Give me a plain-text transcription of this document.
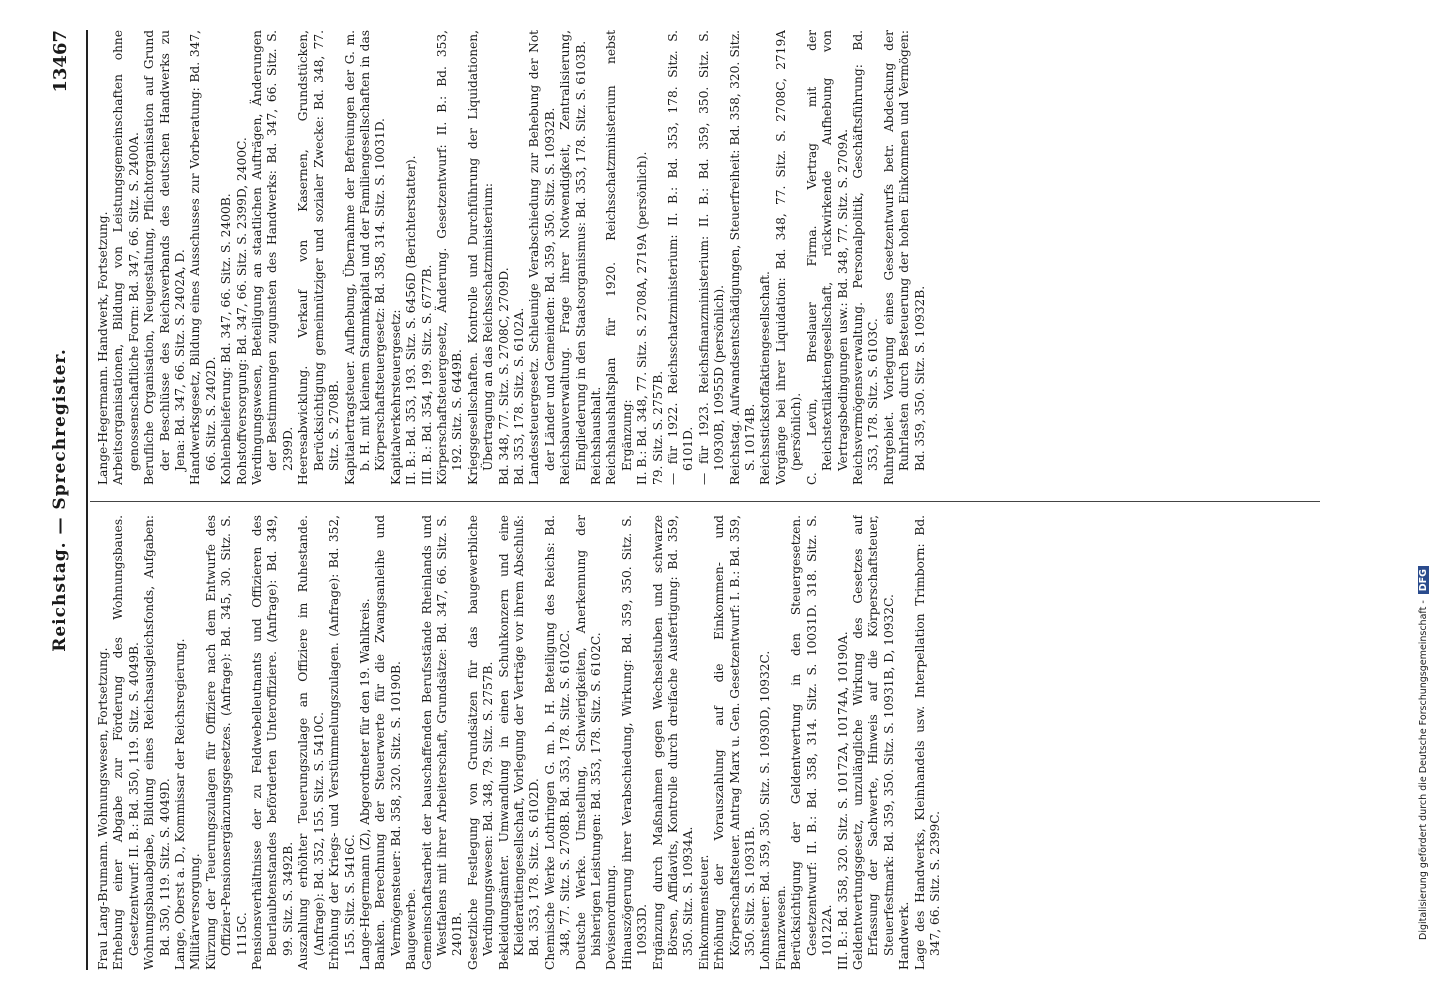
Reichstag. — Sprechregister.
13467

Frau Lang-Brumann. Wohnungswesen, Fortsetzung. Erhebung einer Abgabe zur Förderung des Wohnungsbaues. Gesetzentwurf: II. B.: Bd. 350, 119. Sitz. S. 4049B. Wohnungsbauabgabe, Bildung eines Reichsausgleichsfonds, Aufgaben: Bd. 350, 119. Sitz. S. 4049D. Lange, Oberst a. D., Kommissar der Reichsregierung. Militärversorgung. Kürzung der Teuerungszulagen für Offiziere nach dem Entwurfe des Offizier-Pensionsergänzungsgesetzes. (Anfrage): Bd. 345, 30. Sitz. S. 1115C. Pensionsverhältnisse der zu Feldwebelleutnants und Offizieren des Beurlaubtenstandes beförderten Unteroffiziere. (Anfrage): Bd. 349, 99. Sitz. S. 3492B. Auszahlung erhöhter Teuerungszulage an Offiziere im Ruhestande. (Anfrage): Bd. 352, 155. Sitz. S. 5410C. Erhöhung der Kriegs- und Verstümmelungszulagen. (Anfrage): Bd. 352, 155. Sitz. S. 5416C. Lange-Hegermann (Z), Abgeordneter für den 19. Wahlkreis. Banken. Berechnung der Steuerwerte für die Zwangsanleihe und Vermögensteuer: Bd. 358, 320. Sitz. S. 10190B. Baugewerbe. Gemeinschaftsarbeit der bauschaffenden Berufsstände Rheinlands und Westfalens mit ihrer Arbeiterschaft, Grundsätze: Bd. 347, 66. Sitz. S. 2401B. Gesetzliche Festlegung von Grundsätzen für das baugewerbliche Verdingungswesen: Bd. 348, 79. Sitz. S. 2757B. Bekleidungsämter. Umwandlung in einen Schuhkonzern und eine Kleiderattiengesellschaft, Vorlegung der Verträge vor ihrem Abschluß: Bd. 353, 178. Sitz. S. 6102D. Chemische Werke Lothringen G. m. b. H. Beteiligung des Reichs: Bd. 348, 77. Sitz. S. 2708B. Bd. 353, 178. Sitz. S. 6102C. Deutsche Werke. Umstellung, Schwierigkeiten, Anerkennung der bisherigen Leistungen: Bd. 353, 178. Sitz. S. 6102C. Devisenordnung. Hinauszögerung ihrer Verabschiedung, Wirkung: Bd. 359, 350. Sitz. S. 10933D. Ergänzung durch Maßnahmen gegen Wechselstuben und schwarze Börsen, Affidavits, Kontrolle durch dreifache Ausfertigung: Bd. 359, 350. Sitz. S. 10934A. Einkommensteuer. Erhöhung der Vorauszahlung auf die Einkommen- und Körperschaftsteuer. Antrag Marx u. Gen. Gesetzentwurf: I. B.: Bd. 359, 350. Sitz. S. 10931B. Lohnsteuer: Bd. 359, 350. Sitz. S. 10930D, 10932C. Finanzwesen. Berücksichtigung der Geldentwertung in den Steuergesetzen. Gesetzentwurf: II. B.: Bd. 358, 314. Sitz. S. 10031D. 318. Sitz. S. 10122A. III. B.: Bd. 358, 320. Sitz. S. 10172A, 10174A, 10190A. Geldentwertungsgesetz, unzulängliche Wirkung des Gesetzes auf Erfassung der Sachwerte, Hinweis auf die Körperschaftsteuer, Steuerfestmark: Bd. 359, 350. Sitz. S. 10931B, D, 10932C. Handwerk. Lage des Handwerks, Kleinhandels usw. Interpellation Trimborn: Bd. 347, 66. Sitz. S. 2399C.

Lange-Hegermann. Handwerk, Fortsetzung. Arbeitsorganisationen, Bildung von Leistungsgemeinschaften ohne genossenschaftliche Form: Bd. 347, 66. Sitz. S. 2400A. Berufliche Organisation, Neugestaltung, Pflichtorganisation auf Grund der Beschlüsse des Reichsverbands des deutschen Handwerks zu Jena: Bd. 347, 66. Sitz. S. 2402A, D. Handwerksgesetz, Bildung eines Ausschusses zur Vorberatung: Bd. 347, 66. Sitz. S. 2402D. Kohlenbelieferung: Bd. 347, 66. Sitz. S. 2400B. Rohstoffversorgung: Bd. 347, 66. Sitz. S. 2399D, 2400C. Verdingungswesen, Beteiligung an staatlichen Aufträgen, Änderungen der Bestimmungen zugunsten des Handwerks: Bd. 347, 66. Sitz. S. 2399D. Heeresabwicklung. Verkauf von Kasernen, Grundstücken, Berücksichtigung gemeinnütziger und sozialer Zwecke: Bd. 348, 77. Sitz. S. 2708B. Kapitalertragsteuer. Aufhebung, Übernahme der Befreiungen der G. m. b. H. mit kleinem Stammkapital und der Familiengesellschaften in das Körperschaftsteuergesetz: Bd. 358, 314. Sitz. S. 10031D. Kapitalverkehrsteuergesetz: II. B.: Bd. 353, 193. Sitz. S. 6456D (Berichterstatter). III. B.: Bd. 354, 199. Sitz. S. 6777B. Körperschaftsteuergesetz, Änderung. Gesetzentwurf: II. B.: Bd. 353, 192. Sitz. S. 6449B. Kriegsgesellschaften. Kontrolle und Durchführung der Liquidationen, Übertragung an das Reichsschatzministerium: Bd. 348, 77. Sitz. S. 2708C, 2709D. Bd. 353, 178. Sitz. S. 6102A. Landessteuergesetz. Schleunige Verabschiedung zur Behebung der Not der Länder und Gemeinden: Bd. 359, 350. Sitz. S. 10932B. Reichsbauverwaltung. Frage ihrer Notwendigkeit, Zentralisierung, Eingliederung in den Staatsorganismus: Bd. 353, 178. Sitz. S. 6103B. Reichshaushalt. Reichshaushaltsplan für 1920. Reichsschatzministerium nebst Ergänzung: II. B.: Bd. 348, 77. Sitz. S. 2708A, 2719A (persönlich). 79. Sitz. S. 2757B. — für 1922. Reichsschatzministerium: II. B.: Bd. 353, 178. Sitz. S. 6101D. — für 1923. Reichsfinanzministerium: II. B.: Bd. 359, 350. Sitz. S. 10930B, 10955D (persönlich). Reichstag. Aufwandsentschädigungen, Steuerfreiheit: Bd. 358, 320. Sitz. S. 10174B. Reichsstickstoffaktiengesellschaft. Vorgänge bei ihrer Liquidation: Bd. 348, 77. Sitz. S. 2708C, 2719A (persönlich). C. Levin, Breslauer Firma. Vertrag mit der Reichstextilaktiengesellschaft, rückwirkende Aufhebung von Vertragsbedingungen usw.: Bd. 348, 77. Sitz. S. 2709A. Reichsvermögensverwaltung. Personalpolitik, Geschäftsführung: Bd. 353, 178. Sitz. S. 6103C. Ruhrgebiet. Vorlegung eines Gesetzentwurfs betr. Abdeckung der Ruhrlasten durch Besteuerung der hohen Einkommen und Vermögen: Bd. 359, 350. Sitz. S. 10932B.

Digitalisierung gefördert durch die Deutsche Forschungsgemeinschaft -DFG
